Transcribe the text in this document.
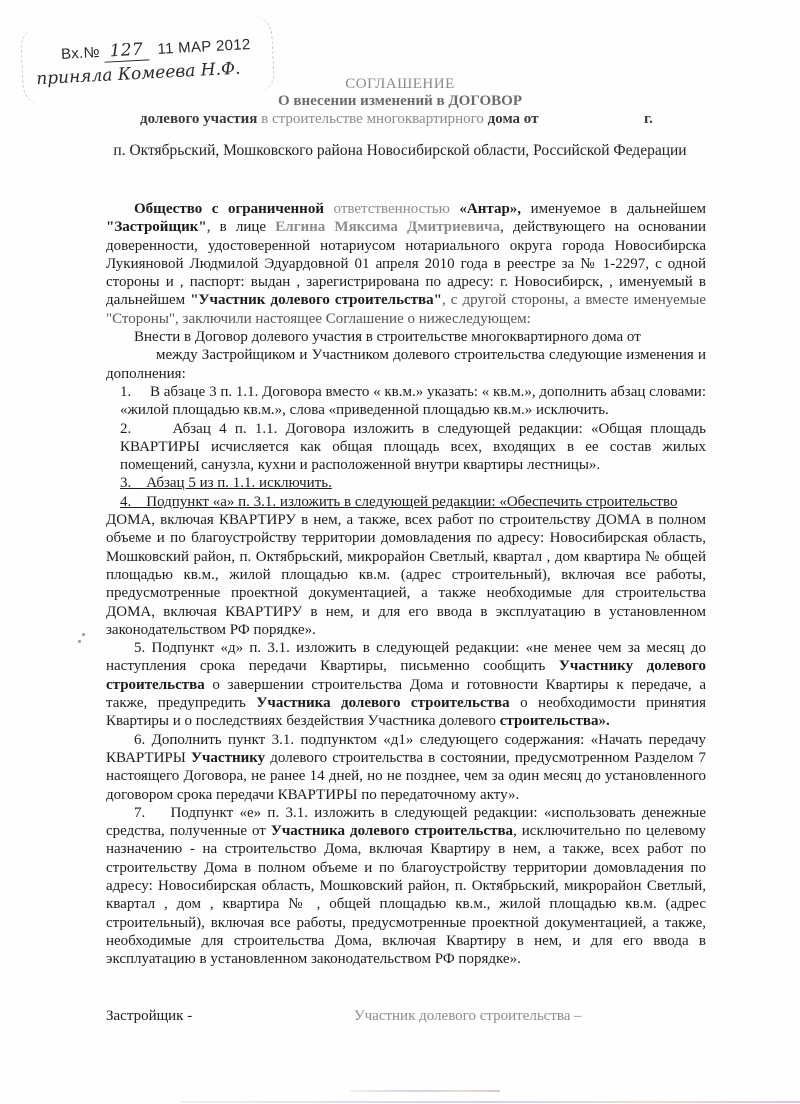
Вх.№ 127 11 МАР 2012
приняла Комеева Н.Ф.	СОГЛАШЕНИЕ
О внесении изменений в ДОГОВОР
долевого участия в строительстве многоквартирного дома от	г.
п. Октябрьский, Мошковского района Новосибирской области, Российской Федерации

Общество с ограниченной ответственностью «Антар», именуемое в дальнейшем "Застройщик", в лице Елгина Мяксима Дмитриевича, действующего на основании доверенности, удостоверенной нотариусом нотариального округа города Новосибирска Лукияновой Людмилой Эдуардовной 01 апреля 2010 года в реестре за № 1-2297, с одной стороны и , паспорт: выдан , зарегистрирована по адресу: г. Новосибирск, , именуемый в дальнейшем "Участник долевого строительства", с другой стороны, а вместе именуемые "Стороны", заключили настоящее Соглашение о нижеследующем:

Внести в Договор долевого участия в строительстве многоквартирного дома от
между Застройщиком и Участником долевого строительства следующие изменения и дополнения:

1. В абзаце 3 п. 1.1. Договора вместо « кв.м.» указать: « кв.м.», дополнить абзац словами: «жилой площадью кв.м.», слова «приведенной площадью кв.м.» исключить.

2.	Абзац 4 п. 1.1. Договора изложить в следующей редакции: «Общая площадь КВАРТИРЫ исчисляется как общая площадь всех, входящих в ее состав жилых помещений, санузла, кухни и расположенной внутри квартиры лестницы».

3. Абзац 5 из п. 1.1. исключить.

4. Подпункт «а» п. 3.1. изложить в следующей редакции: «Обеспечить строительство ДОМА, включая КВАРТИРУ в нем, а также, всех работ по строительству ДОМА в полном объеме и по благоустройству территории домовладения по адресу: Новосибирская область, Мошковский район, п. Октябрьский, микрорайон Светлый, квартал , дом квартира № общей площадью кв.м., жилой площадью кв.м. (адрес строительный), включая все работы, предусмотренные проектной документацией, а также необходимые для строительства ДОМА, включая КВАРТИРУ в нем, и для его ввода в эксплуатацию в установленном законодательством РФ порядке».

5. Подпункт «д» п. 3.1. изложить в следующей редакции: «не менее чем за месяц до наступления срока передачи Квартиры, письменно сообщить Участнику долевого строительства о завершении строительства Дома и готовности Квартиры к передаче, а также, предупредить Участника долевого строительства о необходимости принятия Квартиры и о последствиях бездействия Участника долевого строительства».

6. Дополнить пункт 3.1. подпунктом «д1» следующего содержания: «Начать передачу КВАРТИРЫ Участнику долевого строительства в состоянии, предусмотренном Разделом 7 настоящего Договора, не ранее 14 дней, но не позднее, чем за один месяц до установленного договором срока передачи КВАРТИРЫ по передаточному акту».

7. Подпункт «е» п. 3.1. изложить в следующей редакции: «использовать денежные средства, полученные от Участника долевого строительства, исключительно по целевому назначению - на строительство Дома, включая Квартиру в нем, а также, всех работ по строительству Дома в полном объеме и по благоустройству территории домовладения по адресу: Новосибирская область, Мошковский район, п. Октябрьский, микрорайон Светлый, квартал , дом , квартира № , общей площадью кв.м., жилой площадью кв.м. (адрес строительный), включая все работы, предусмотренные проектной документацией, а также, необходимые для строительства Дома, включая Квартиру в нем, и для его ввода в эксплуатацию в установленном законодательством РФ порядке».

Застройщик -	Участник долевого строительства –
